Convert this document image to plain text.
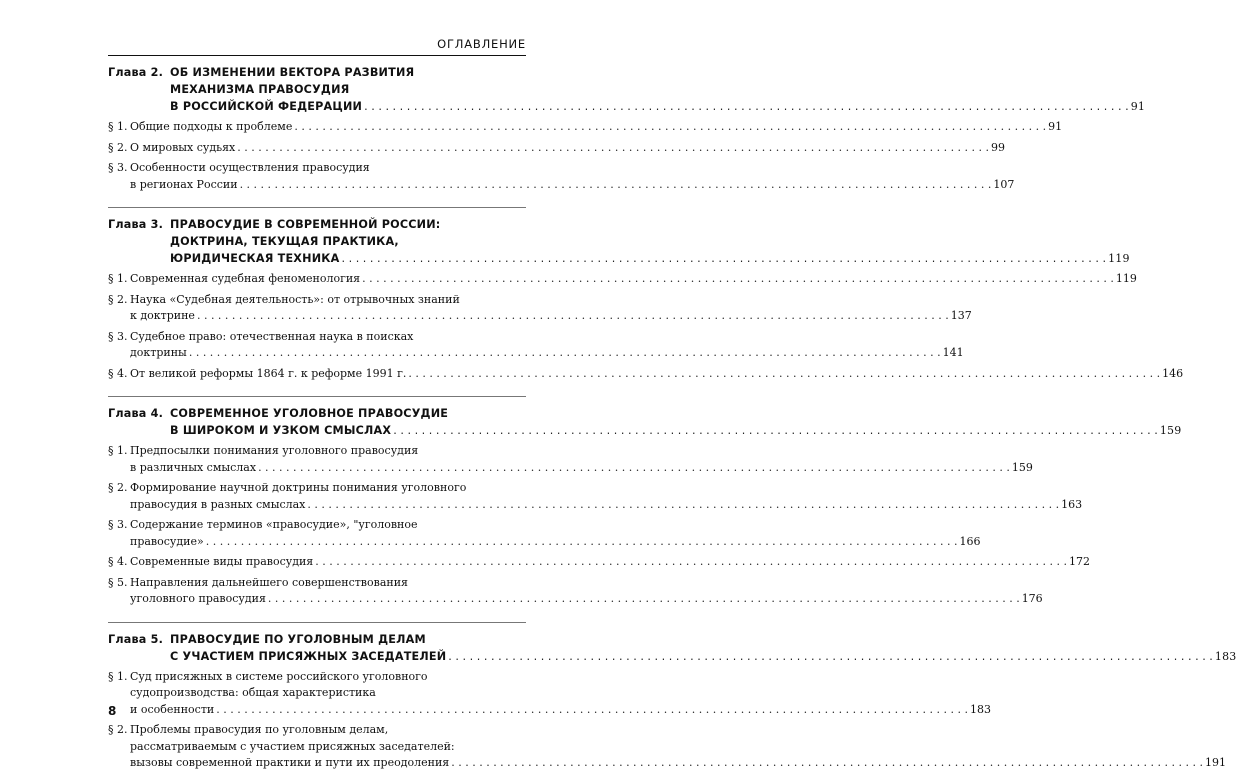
ОГЛАВЛЕНИЕ
Глава 2. ОБ ИЗМЕНЕНИИ ВЕКТОРА РАЗВИТИЯ
МЕХАНИЗМА ПРАВОСУДИЯ
В РОССИЙСКОЙ ФЕДЕРАЦИИ . . .	91
§ 1. Общие подходы к проблеме . . .	91
§ 2. О мировых судьях . . .	99
§ 3. Особенности осуществления правосудия
в регионах России . . .	107
Глава 3. ПРАВОСУДИЕ В СОВРЕМЕННОЙ РОССИИ:
ДОКТРИНА, ТЕКУЩАЯ ПРАКТИКА,
ЮРИДИЧЕСКАЯ ТЕХНИКА . . .	119
§ 1. Современная судебная феноменология . . .	119
§ 2. Наука «Судебная деятельность»: от отрывочных знаний
к доктрине . . .	137
§ 3. Судебное право: отечественная наука в поисках
доктрины . . .	141
§ 4. От великой реформы 1864 г. к реформе 1991 г. . . .	146
Глава 4. СОВРЕМЕННОЕ УГОЛОВНОЕ ПРАВОСУДИЕ
В ШИРОКОМ И УЗКОМ СМЫСЛАХ . . .	159
§ 1. Предпосылки понимания уголовного правосудия
в различных смыслах . . .	159
§ 2. Формирование научной доктрины понимания уголовного
правосудия в разных смыслах . . .	163
§ 3. Содержание терминов «правосудие», "уголовное
правосудие» . . .	166
§ 4. Современные виды правосудия . . .	172
§ 5. Направления дальнейшего совершенствования
уголовного правосудия . . .	176
Глава 5. ПРАВОСУДИЕ ПО УГОЛОВНЫМ ДЕЛАМ
С УЧАСТИЕМ ПРИСЯЖНЫХ ЗАСЕДАТЕЛЕЙ . . .	183
§ 1. Суд присяжных в системе российского уголовного
судопроизводства: общая характеристика
и особенности . . .	183
§ 2. Проблемы правосудия по уголовным делам,
рассматриваемым с участием присяжных заседателей:
вызовы современной практики и пути их преодоления . . .	191
8
